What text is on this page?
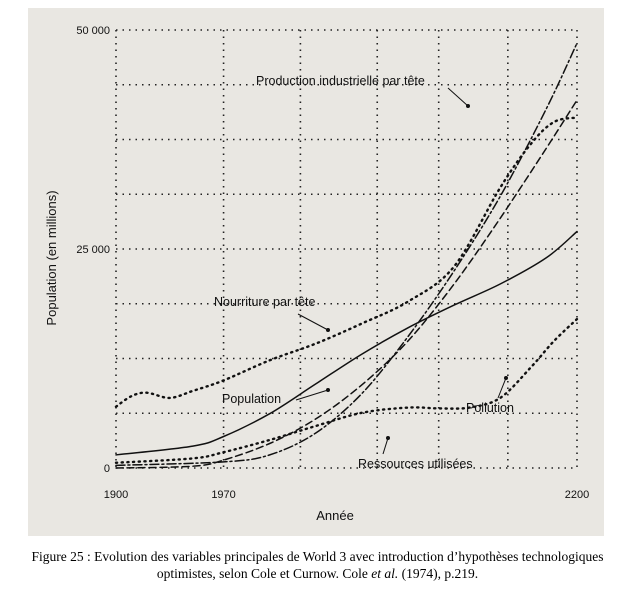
0
25 000
50 000
1900	1970	2200
Année
Population (en millions)
Production industrielle par tête
Nourriture par tête
Population
Pollution
Ressources utilisées
Figure 25 : Evolution des variables principales de World 3 avec introduction d’hypothèses technologiques
optimistes, selon Cole et Curnow. Cole et al. (1974), p.219.
